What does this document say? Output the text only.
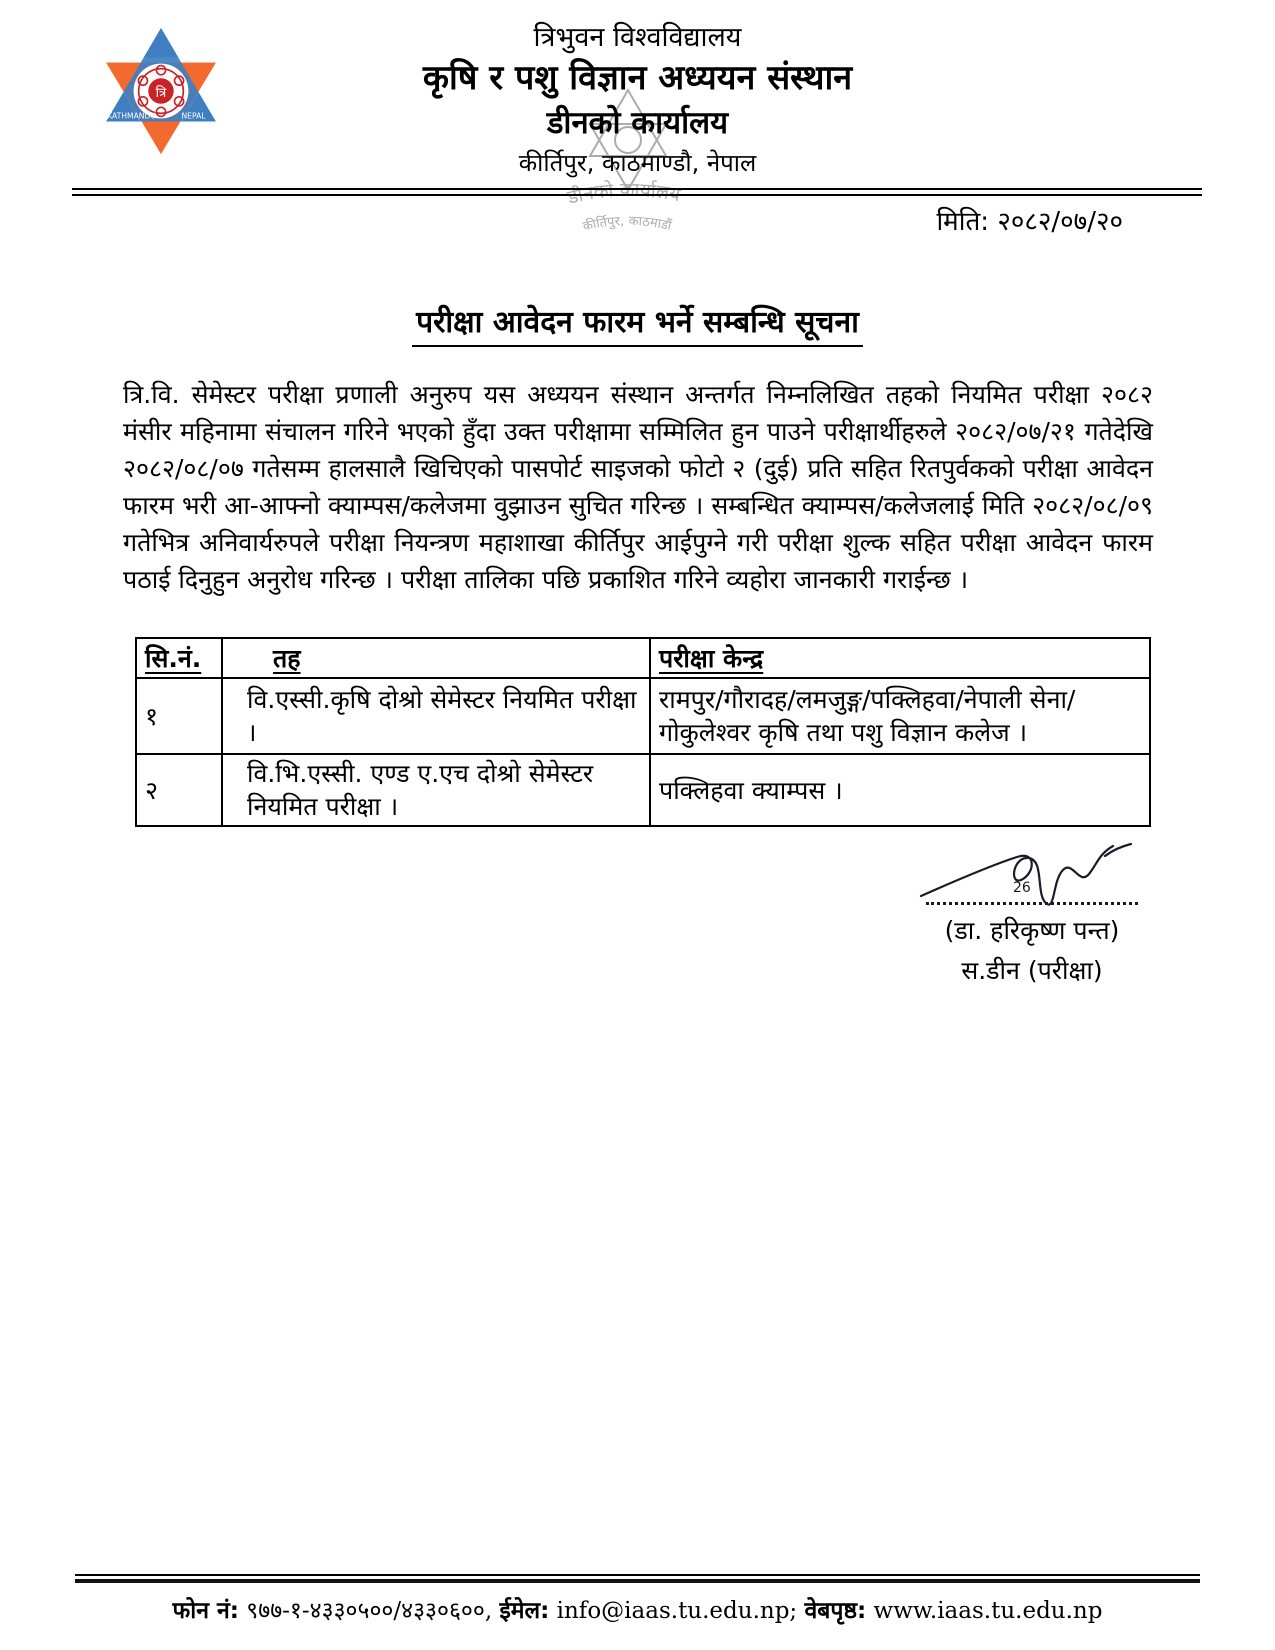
त्रि
KATHMANDU	NEPAL
डीनको कार्यालय
कीर्तिपुर, काठमाडौं
त्रिभुवन विश्वविद्यालय
कृषि र पशु विज्ञान अध्ययन संस्थान
डीनको कार्यालय
कीर्तिपुर, काठमाण्डौ, नेपाल
मिति: २०८२/०७/२०
परीक्षा आवेदन फारम भर्ने सम्बन्धि सूचना
त्रि.वि. सेमेस्टर परीक्षा प्रणाली अनुरुप यस अध्ययन संस्थान अन्तर्गत निम्नलिखित तहको नियमित परीक्षा २०८२ मंसीर महिनामा संचालन गरिने भएको हुँदा उक्त परीक्षामा सम्मिलित हुन पाउने परीक्षार्थीहरुले २०८२/०७/२१ गतेदेखि २०८२/०८/०७ गतेसम्म हालसालै खिचिएको पासपोर्ट साइजको फोटो २ (दुई) प्रति सहित रितपुर्वकको परीक्षा आवेदन फारम भरी आ-आफ्नो क्याम्पस/कलेजमा वुझाउन सुचित गरिन्छ । सम्बन्धित क्याम्पस/कलेजलाई मिति २०८२/०८/०९ गतेभित्र अनिवार्यरुपले परीक्षा नियन्त्रण महाशाखा कीर्तिपुर आईपुग्ने गरी परीक्षा शुल्क सहित परीक्षा आवेदन फारम पठाई दिनुहुन अनुरोध गरिन्छ । परीक्षा तालिका पछि प्रकाशित गरिने व्यहोरा जानकारी गराईन्छ ।
सि.नं.	तह	परीक्षा केन्द्र
१	वि.एस्सी.कृषि दोश्रो सेमेस्टर नियमित परीक्षा ।	रामपुर/गौरादह/लमजुङ्ग/पक्लिहवा/नेपाली सेना/ गोकुलेश्वर कृषि तथा पशु विज्ञान कलेज ।
२	वि.भि.एस्सी. एण्ड ए.एच दोश्रो सेमेस्टर नियमित परीक्षा ।	पक्लिहवा क्याम्पस ।
26
(डा. हरिकृष्ण पन्त)
स.डीन (परीक्षा)
फोन नं: ९७७-१-४३३०५००/४३३०६००, ईमेल: info@iaas.tu.edu.np; वेबपृष्ठ: www.iaas.tu.edu.np
